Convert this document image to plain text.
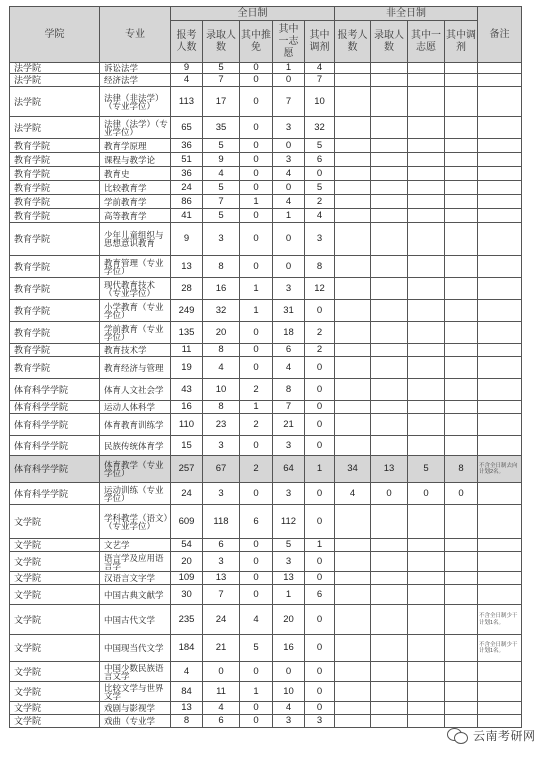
学院	专业	全日制					非全日制				备注
		报考人数	录取人数	其中推免	其中一志愿	其中调剂	报考人数	录取人数	其中一志愿	其中调剂	
法学院	诉讼法学	9	5	0	1	4					
法学院	经济法学	4	7	0	0	7					
法学院	法律（非法学）（专业学位）	113	17	0	7	10					
法学院	法律（法学）（专业学位）	65	35	0	3	32					
教育学院	教育学原理	36	5	0	0	5					
教育学院	课程与教学论	51	9	0	3	6					
教育学院	教育史	36	4	0	4	0					
教育学院	比较教育学	24	5	0	0	5					
教育学院	学前教育学	86	7	1	4	2					
教育学院	高等教育学	41	5	0	1	4					
教育学院	少年儿童组织与思想意识教育	9	3	0	0	3					
教育学院	教育管理（专业学位）	13	8	0	0	8					
教育学院	现代教育技术（专业学位）	28	16	1	3	12					
教育学院	小学教育（专业学位）	249	32	1	31	0					
教育学院	学前教育（专业学位）	135	20	0	18	2					
教育学院	教育技术学	11	8	0	6	2					
教育学院	教育经济与管理	19	4	0	4	0					
体育科学学院	体育人文社会学	43	10	2	8	0					
体育科学学院	运动人体科学	16	8	1	7	0					
体育科学学院	体育教育训练学	110	23	2	21	0					
体育科学学院	民族传统体育学	15	3	0	3	0					
体育科学学院	体育教学（专业学位）	257	67	2	64	1	34	13	5	8	不含全日制去向计划2名。
体育科学学院	运动训练（专业学位）	24	3	0	3	0	4	0	0	0	
文学院	学科教学（语文）（专业学位）	609	118	6	112	0					
文学院	文艺学	54	6	0	5	1					
文学院	语言学及应用语言学	20	3	0	3	0					
文学院	汉语言文字学	109	13	0	13	0					
文学院	中国古典文献学	30	7	0	1	6					
文学院	中国古代文学	235	24	4	20	0					不含全日制少干计划1名。
文学院	中国现当代文学	184	21	5	16	0					不含全日制少干计划1名。
文学院	中国少数民族语言文学	4	0	0	0	0					
文学院	比较文学与世界文学	84	11	1	10	0					
文学院	戏剧与影视学	13	4	0	4	0					
文学院	戏曲（专业学	8	6	0	3	3					
云南考研网
